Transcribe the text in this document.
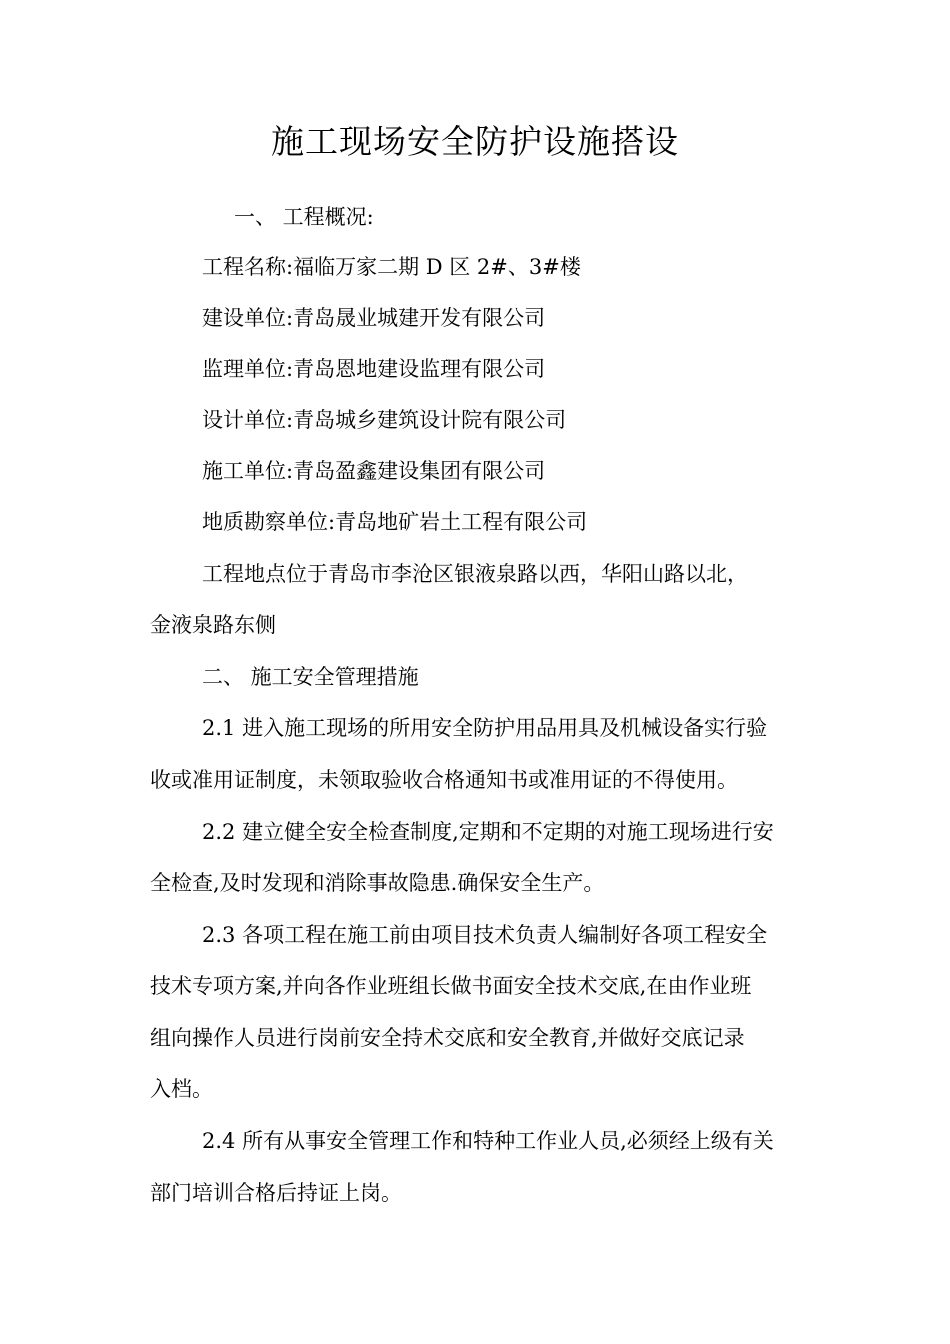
施工现场安全防护设施搭设
一、 工程概况:
工程名称:福临万家二期 D 区 2#、3#楼
建设单位:青岛晟业城建开发有限公司
监理单位:青岛恩地建设监理有限公司
设计单位:青岛城乡建筑设计院有限公司
施工单位:青岛盈鑫建设集团有限公司
地质勘察单位:青岛地矿岩土工程有限公司
工程地点位于青岛市李沧区银液泉路以西，华阳山路以北，
金液泉路东侧
二、 施工安全管理措施
2.1 进入施工现场的所用安全防护用品用具及机械设备实行验
收或准用证制度，未领取验收合格通知书或准用证的不得使用。
2.2 建立健全安全检查制度,定期和不定期的对施工现场进行安
全检查,及时发现和消除事故隐患.确保安全生产。
2.3 各项工程在施工前由项目技术负责人编制好各项工程安全
技术专项方案,并向各作业班组长做书面安全技术交底,在由作业班
组向操作人员进行岗前安全持术交底和安全教育,并做好交底记录
入档。
2.4 所有从事安全管理工作和特种工作业人员,必须经上级有关
部门培训合格后持证上岗。
